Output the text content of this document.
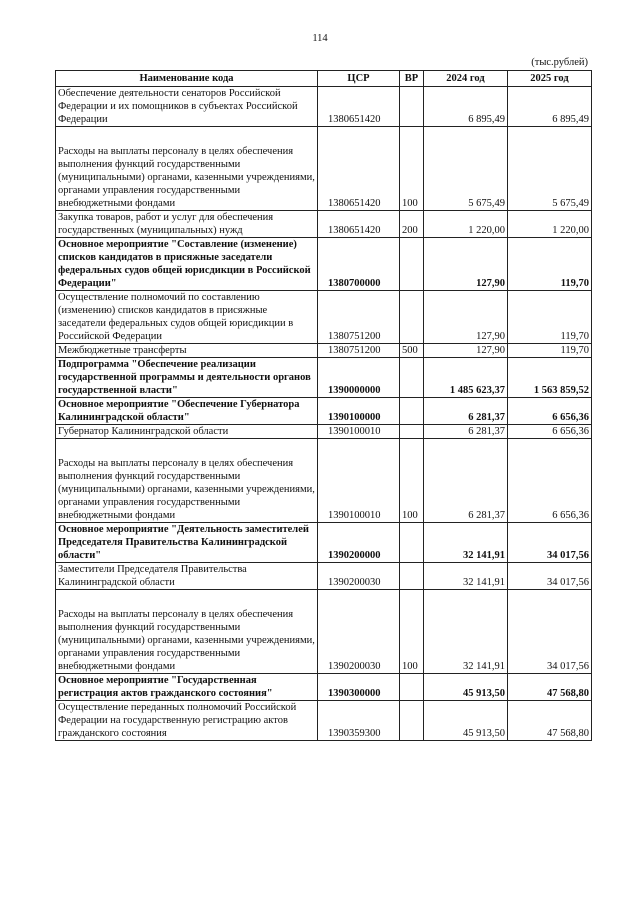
114
(тыс.рублей)
Наименование кода	ЦСР	ВР	2024 год	2025 год
Обеспечение деятельности сенаторов Российской Федерации и их помощников в субъектах Российской Федерации	1380651420		6 895,49	6 895,49
Расходы на выплаты персоналу в целях обеспечения выполнения функций государственными (муниципальными) органами, казенными учреждениями, органами управления государственными внебюджетными фондами	1380651420	100	5 675,49	5 675,49
Закупка товаров, работ и услуг для обеспечения государственных (муниципальных) нужд	1380651420	200	1 220,00	1 220,00
Основное мероприятие "Составление (изменение) списков кандидатов в присяжные заседатели федеральных судов общей юрисдикции в Российской Федерации"	1380700000		127,90	119,70
Осуществление полномочий по составлению (изменению) списков кандидатов в присяжные заседатели федеральных судов общей юрисдикции в Российской Федерации	1380751200		127,90	119,70
Межбюджетные трансферты	1380751200	500	127,90	119,70
Подпрограмма "Обеспечение реализации государственной программы и деятельности органов государственной власти"	1390000000		1 485 623,37	1 563 859,52
Основное мероприятие "Обеспечение Губернатора Калининградской области"	1390100000		6 281,37	6 656,36
Губернатор Калининградской области	1390100010		6 281,37	6 656,36
Расходы на выплаты персоналу в целях обеспечения выполнения функций государственными (муниципальными) органами, казенными учреждениями, органами управления государственными внебюджетными фондами	1390100010	100	6 281,37	6 656,36
Основное мероприятие "Деятельность заместителей Председателя Правительства Калининградской области"	1390200000		32 141,91	34 017,56
Заместители Председателя Правительства Калининградской области	1390200030		32 141,91	34 017,56
Расходы на выплаты персоналу в целях обеспечения выполнения функций государственными (муниципальными) органами, казенными учреждениями, органами управления государственными внебюджетными фондами	1390200030	100	32 141,91	34 017,56
Основное мероприятие "Государственная регистрация актов гражданского состояния"	1390300000		45 913,50	47 568,80
Осуществление переданных полномочий Российской Федерации на государственную регистрацию актов гражданского состояния	1390359300		45 913,50	47 568,80
